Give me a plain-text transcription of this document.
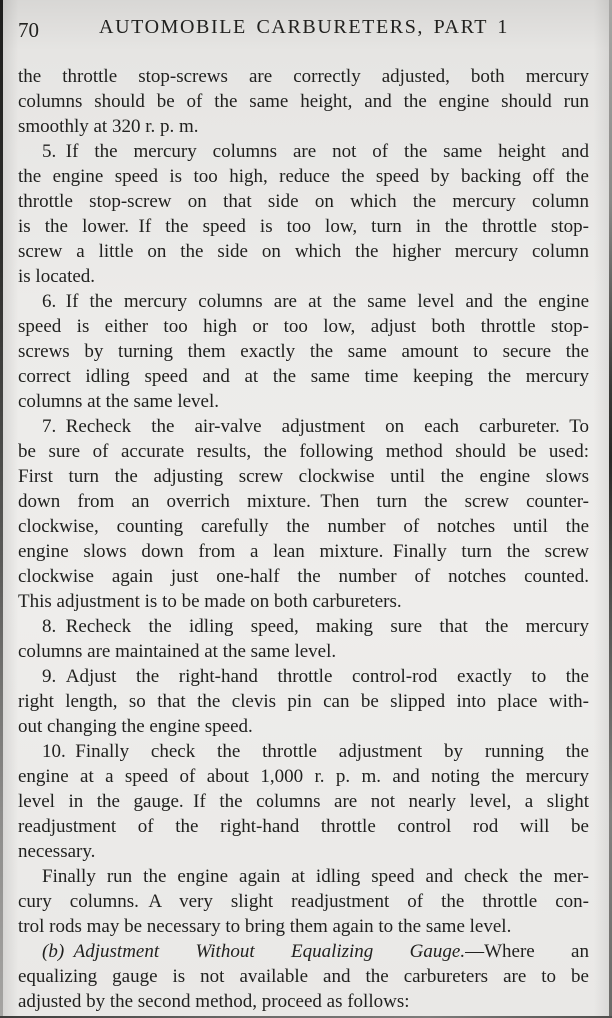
70	AUTOMOBILE CARBURETERS, PART 1
the throttle stop-screws are correctly adjusted, both mercury
columns should be of the same height, and the engine should run
smoothly at 320 r. p. m.
5. If the mercury columns are not of the same height and
the engine speed is too high, reduce the speed by backing off the
throttle stop-screw on that side on which the mercury column
is the lower. If the speed is too low, turn in the throttle stop-
screw a little on the side on which the higher mercury column
is located.
6. If the mercury columns are at the same level and the engine
speed is either too high or too low, adjust both throttle stop-
screws by turning them exactly the same amount to secure the
correct idling speed and at the same time keeping the mercury
columns at the same level.
7. Recheck the air-valve adjustment on each carbureter. To
be sure of accurate results, the following method should be used:
First turn the adjusting screw clockwise until the engine slows
down from an overrich mixture. Then turn the screw counter-
clockwise, counting carefully the number of notches until the
engine slows down from a lean mixture. Finally turn the screw
clockwise again just one-half the number of notches counted.
This adjustment is to be made on both carbureters.
8. Recheck the idling speed, making sure that the mercury
columns are maintained at the same level.
9. Adjust the right-hand throttle control-rod exactly to the
right length, so that the clevis pin can be slipped into place with-
out changing the engine speed.
10. Finally check the throttle adjustment by running the
engine at a speed of about 1,000 r. p. m. and noting the mercury
level in the gauge. If the columns are not nearly level, a slight
readjustment of the right-hand throttle control rod will be
necessary.
Finally run the engine again at idling speed and check the mer-
cury columns. A very slight readjustment of the throttle con-
trol rods may be necessary to bring them again to the same level.
(b) Adjustment Without Equalizing Gauge.—Where an
equalizing gauge is not available and the carbureters are to be
adjusted by the second method, proceed as follows:
